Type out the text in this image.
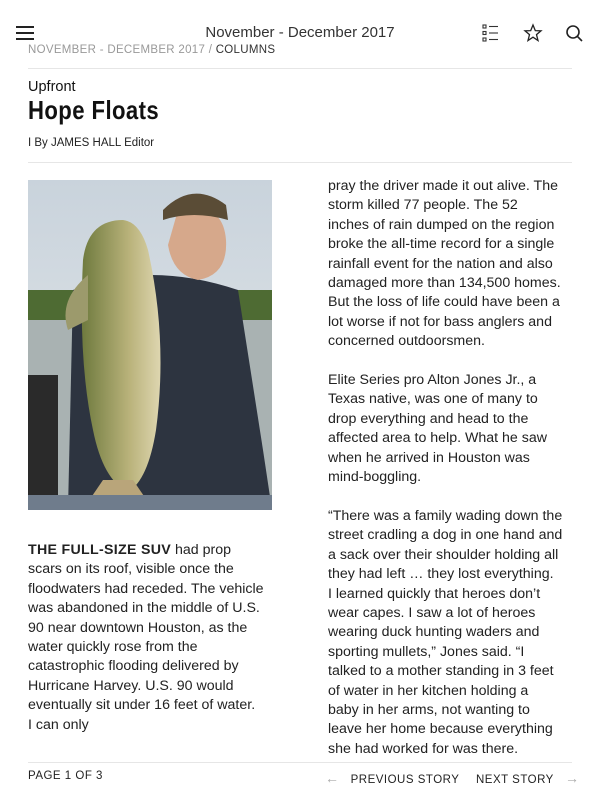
November - December 2017
NOVEMBER - DECEMBER 2017 / COLUMNS
Upfront
Hope Floats
I By JAMES HALL Editor
THE FULL-SIZE SUV had prop
scars on its roof, visible once the
floodwaters had receded. The vehicle
was abandoned in the middle of U.S.
90 near downtown Houston, as the
water quickly rose from the
catastrophic flooding delivered by
Hurricane Harvey. U.S. 90 would
eventually sit under 16 feet of water.
I can only
pray the driver made it out alive. The
storm killed 77 people. The 52
inches of rain dumped on the region
broke the all-time record for a single
rainfall event for the nation and also
damaged more than 134,500 homes.
But the loss of life could have been a
lot worse if not for bass anglers and
concerned outdoorsmen.
Elite Series pro Alton Jones Jr., a
Texas native, was one of many to
drop everything and head to the
affected area to help. What he saw
when he arrived in Houston was
mind-boggling.
“There was a family wading down the
street cradling a dog in one hand and
a sack over their shoulder holding all
they had left … they lost everything.
I learned quickly that heroes don’t
wear capes. I saw a lot of heroes
wearing duck hunting waders and
sporting mullets,” Jones said. “I
talked to a mother standing in 3 feet
of water in her kitchen holding a
baby in her arms, not wanting to
leave her home because everything
she had worked for was there.
PAGE 1 OF 3	← PREVIOUS STORY NEXT STORY →
